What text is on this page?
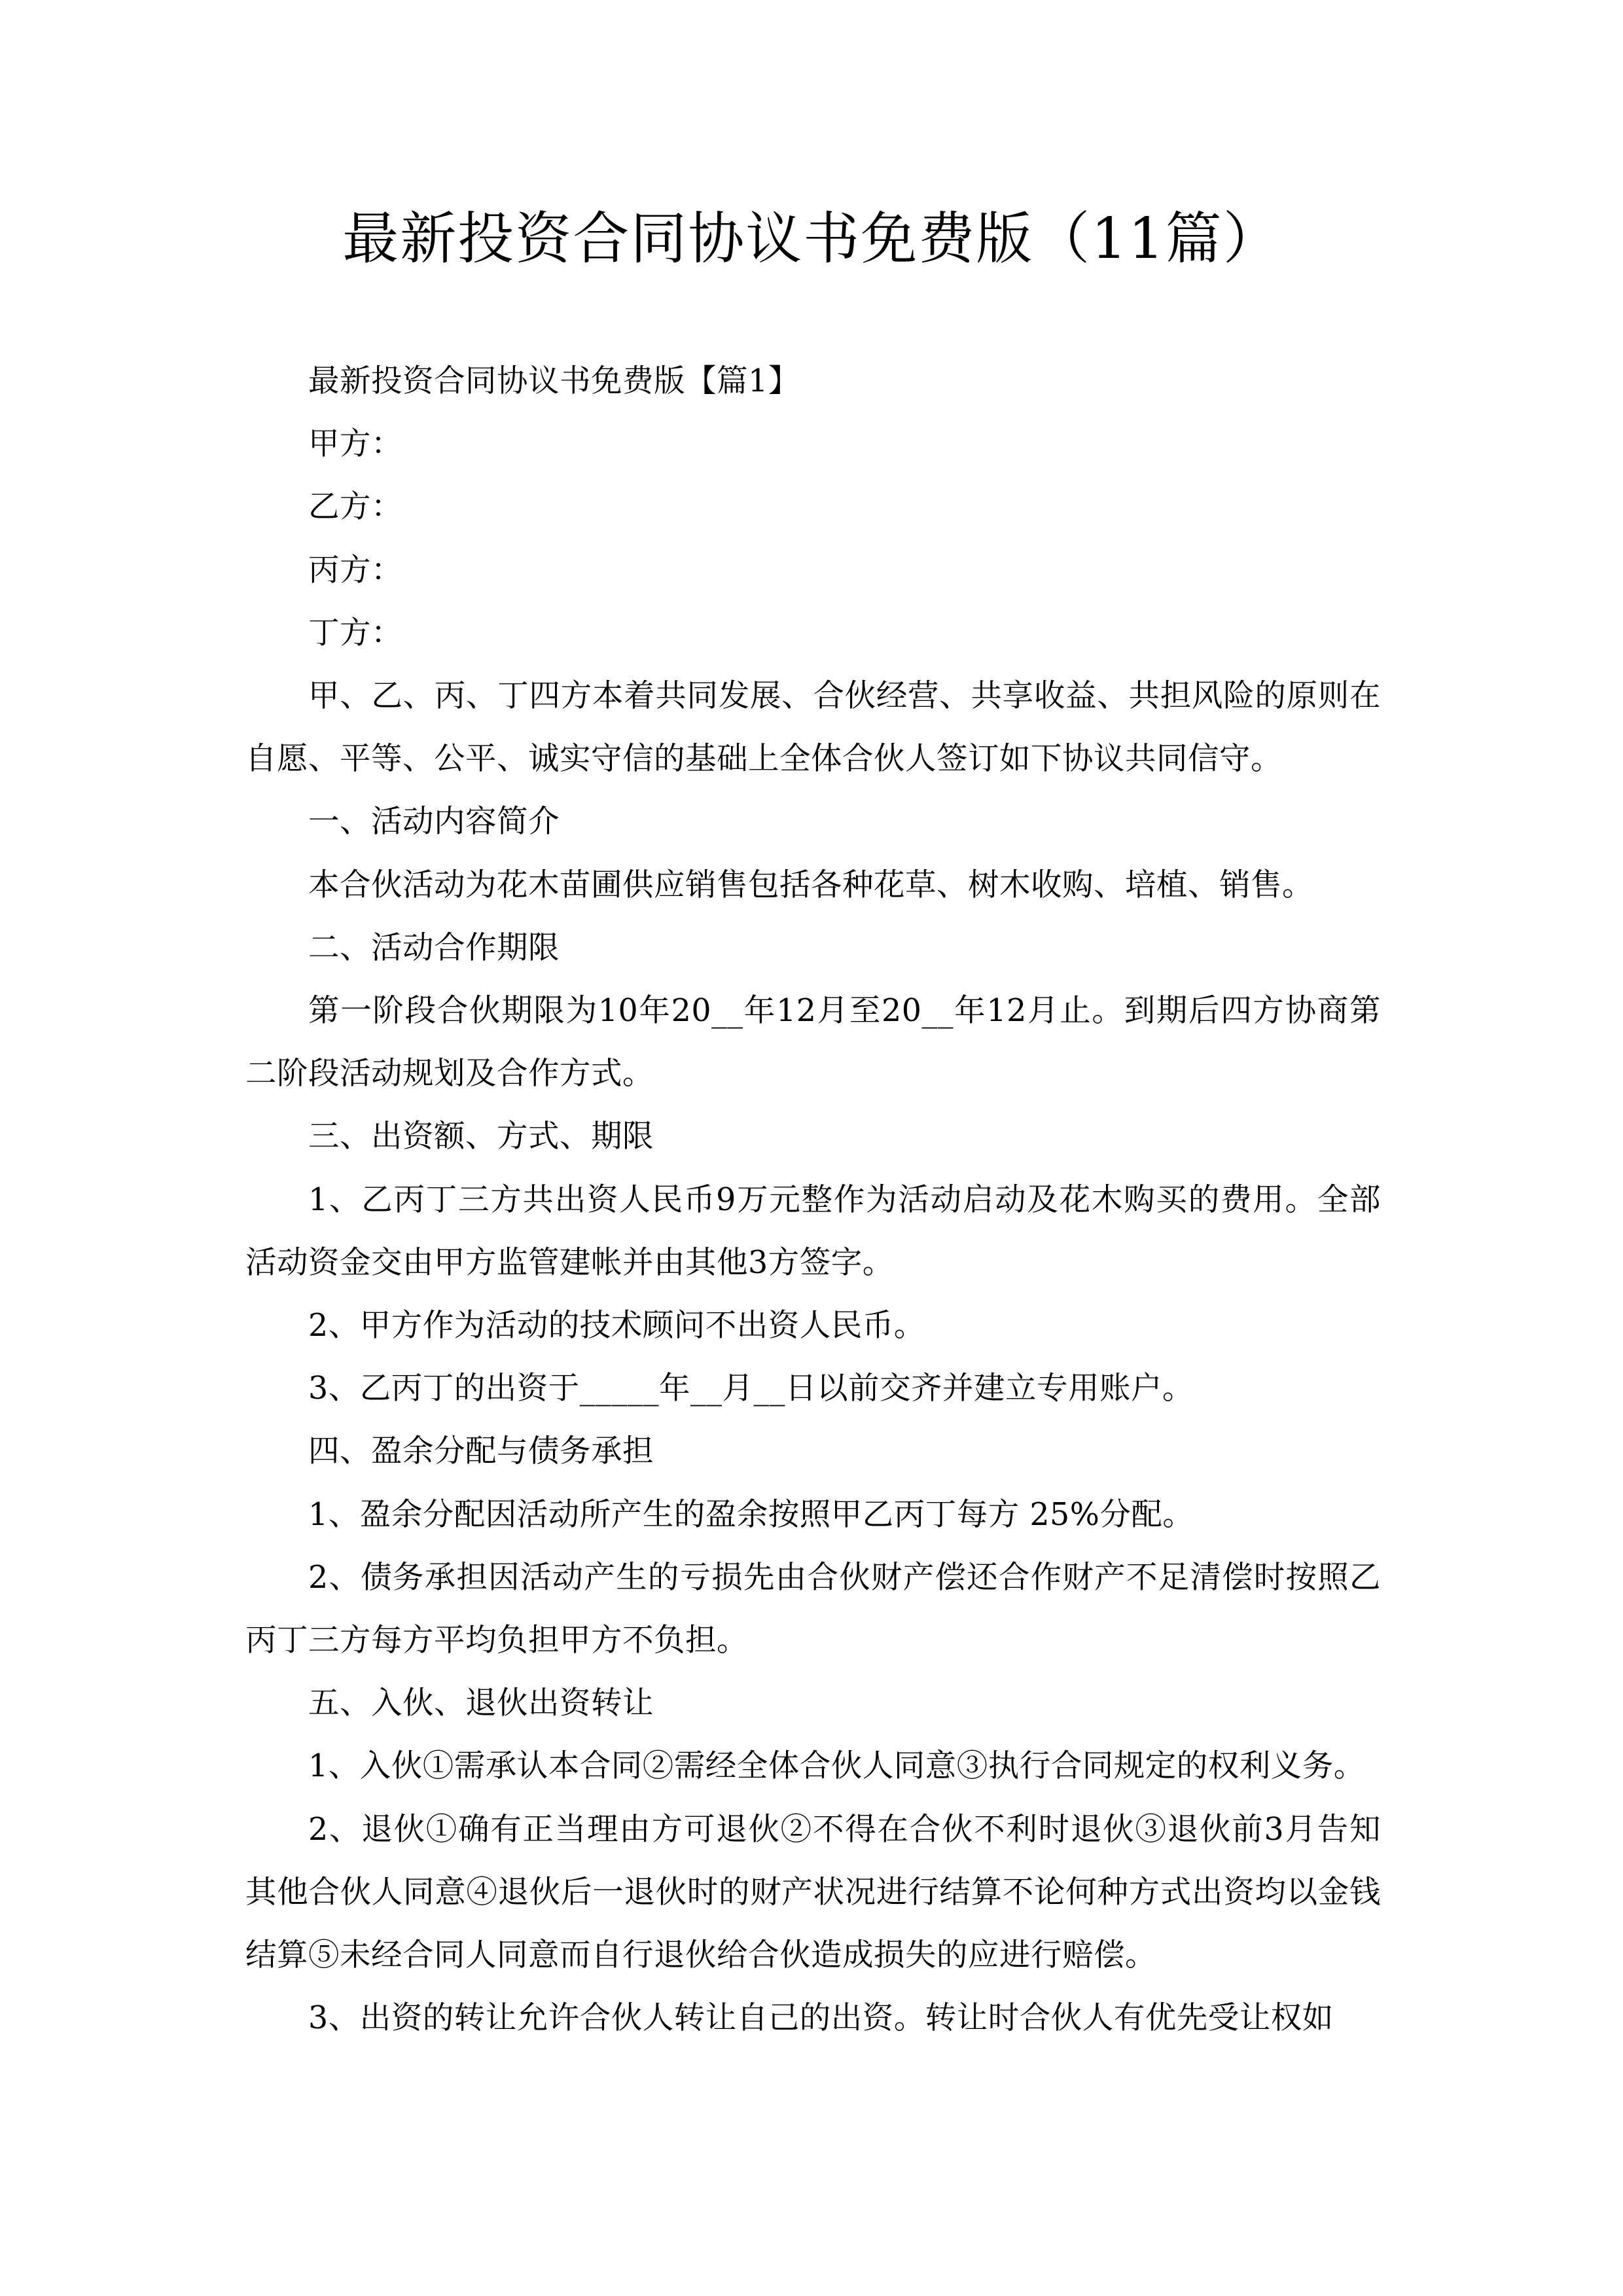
最新投资合同协议书免费版（11篇）

最新投资合同协议书免费版【篇1】

甲方：

乙方：

丙方：

丁方：

甲、乙、丙、丁四方本着共同发展、合伙经营、共享收益、共担风险的原则在自愿、平等、公平、诚实守信的基础上全体合伙人签订如下协议共同信守。

一、活动内容简介

本合伙活动为花木苗圃供应销售包括各种花草、树木收购、培植、销售。

二、活动合作期限

第一阶段合伙期限为10年20__年12月至20__年12月止。到期后四方协商第二阶段活动规划及合作方式。

三、出资额、方式、期限

1、乙丙丁三方共出资人民币9万元整作为活动启动及花木购买的费用。全部活动资金交由甲方监管建帐并由其他3方签字。

2、甲方作为活动的技术顾问不出资人民币。

3、乙丙丁的出资于_____年__月__日以前交齐并建立专用账户。

四、盈余分配与债务承担

1、盈余分配因活动所产生的盈余按照甲乙丙丁每方 25%分配。

2、债务承担因活动产生的亏损先由合伙财产偿还合作财产不足清偿时按照乙丙丁三方每方平均负担甲方不负担。

五、入伙、退伙出资转让

1、入伙①需承认本合同②需经全体合伙人同意③执行合同规定的权利义务。

2、退伙①确有正当理由方可退伙②不得在合伙不利时退伙③退伙前3月告知其他合伙人同意④退伙后一退伙时的财产状况进行结算不论何种方式出资均以金钱结算⑤未经合同人同意而自行退伙给合伙造成损失的应进行赔偿。

3、出资的转让允许合伙人转让自己的出资。转让时合伙人有优先受让权如
